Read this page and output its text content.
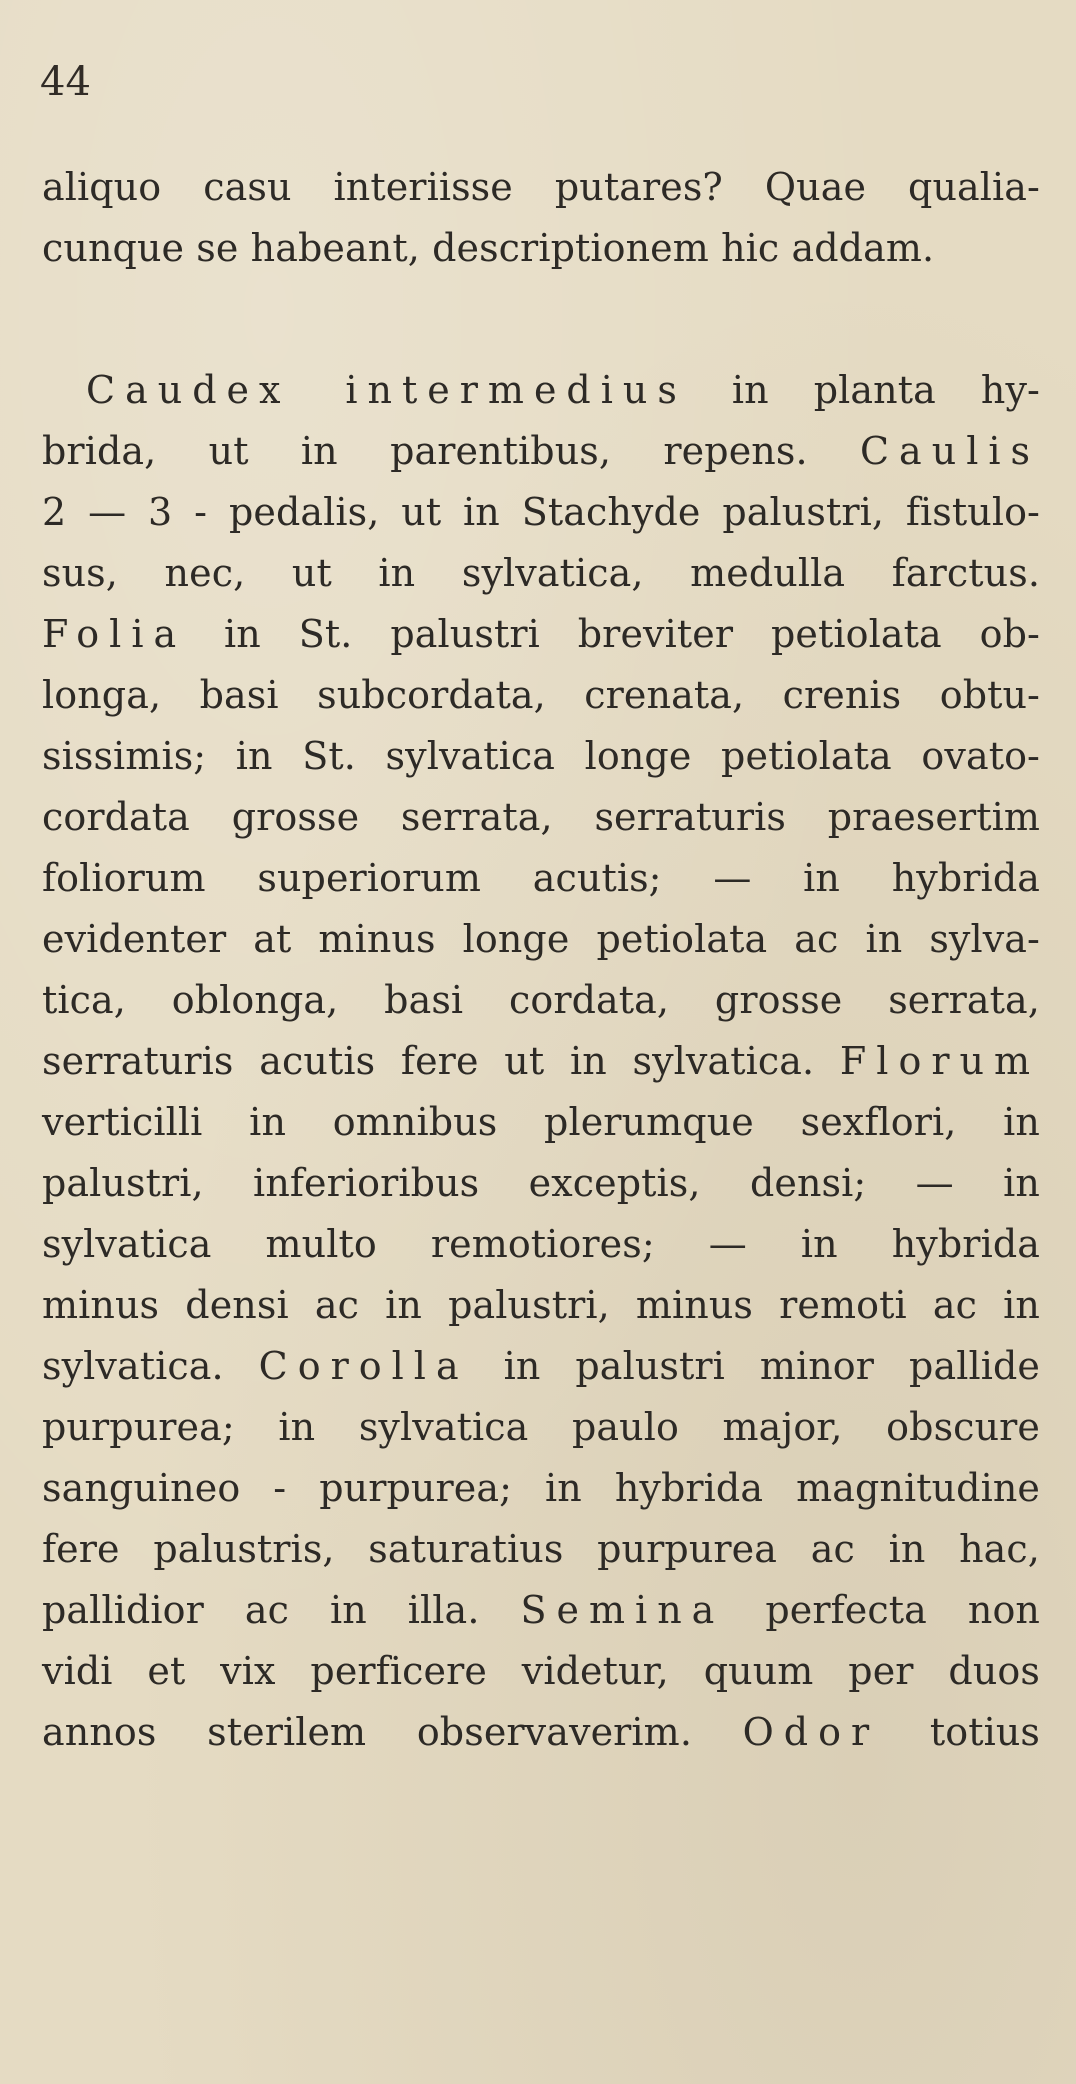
44

aliquo casu interiisse putares? Quae qualia-

cunque se habeant, descriptionem hic addam.

Caudex intermedius in planta hy-

brida, ut in parentibus, repens. Caulis

2 — 3 - pedalis, ut in Stachyde palustri, fistulo-

sus, nec, ut in sylvatica, medulla farctus.

Folia in St. palustri breviter petiolata ob-

longa, basi subcordata, crenata, crenis obtu-

sissimis; in St. sylvatica longe petiolata ovato-

cordata grosse serrata, serraturis praesertim

foliorum superiorum acutis; — in hybrida

evidenter at minus longe petiolata ac in sylva-

tica, oblonga, basi cordata, grosse serrata,

serraturis acutis fere ut in sylvatica. Florum

verticilli in omnibus plerumque sexflori, in

palustri, inferioribus exceptis, densi; — in

sylvatica multo remotiores; — in hybrida

minus densi ac in palustri, minus remoti ac in

sylvatica. Corolla in palustri minor pallide

purpurea; in sylvatica paulo major, obscure

sanguineo - purpurea; in hybrida magnitudine

fere palustris, saturatius purpurea ac in hac,

pallidior ac in illa. Semina perfecta non

vidi et vix perficere videtur, quum per duos

annos sterilem observaverim. Odor totius
